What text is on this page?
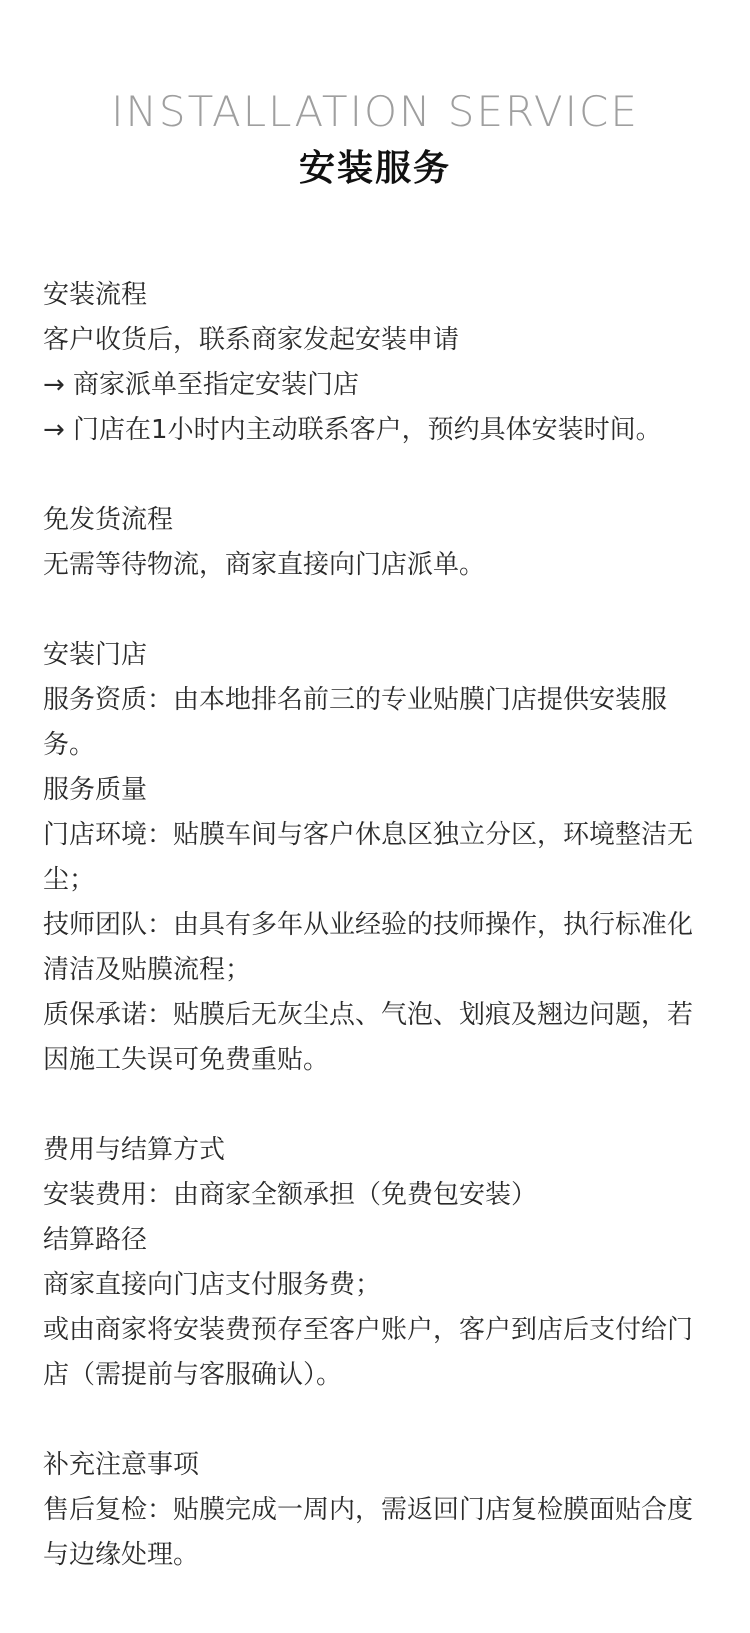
INSTALLATION SERVICE
安装服务
安装流程
客户收货后，联系商家发起安装申请
→ 商家派单至指定安装门店
→ 门店在1小时内主动联系客户，预约具体安装时间。
免发货流程
无需等待物流，商家直接向门店派单。
安装门店
服务资质：由本地排名前三的专业贴膜门店提供安装服务。
服务质量
门店环境：贴膜车间与客户休息区独立分区，环境整洁无尘；
技师团队：由具有多年从业经验的技师操作，执行标准化清洁及贴膜流程；
质保承诺：贴膜后无灰尘点、气泡、划痕及翘边问题，若因施工失误可免费重贴。
费用与结算方式
安装费用：由商家全额承担（免费包安装）
结算路径
商家直接向门店支付服务费；
或由商家将安装费预存至客户账户，客户到店后支付给门店（需提前与客服确认）。
补充注意事项
售后复检：贴膜完成一周内，需返回门店复检膜面贴合度与边缘处理。
